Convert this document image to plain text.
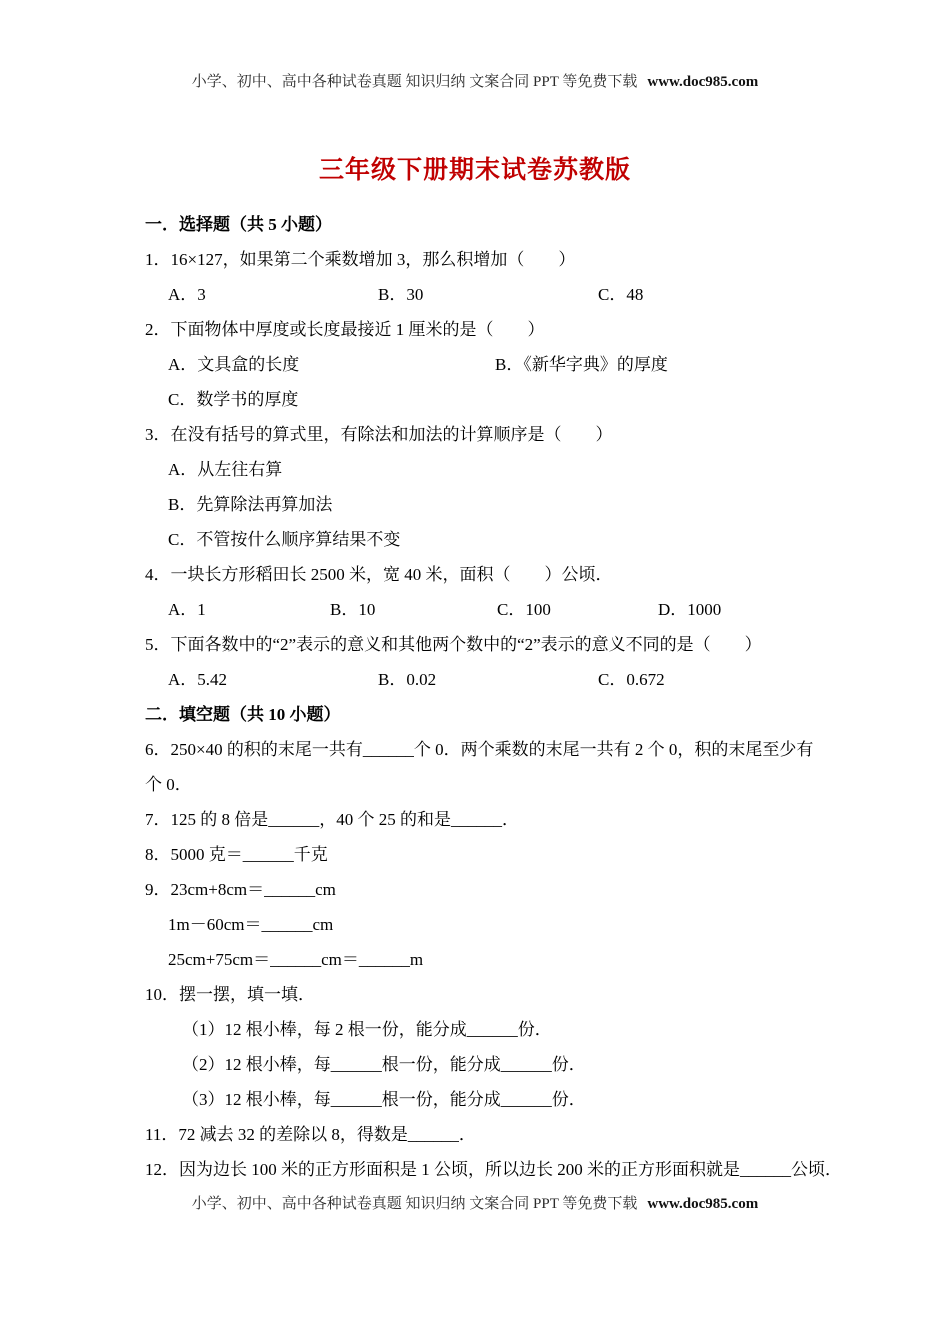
小学、初中、高中各种试卷真题 知识归纳 文案合同 PPT 等免费下载 www.doc985.com
三年级下册期末试卷苏教版
一．选择题（共 5 小题）
1．16×127，如果第二个乘数增加 3，那么积增加（　　）
A．3	B．30	C．48
2．下面物体中厚度或长度最接近 1 厘米的是（　　）
A．文具盒的长度	B．《新华字典》的厚度
C．数学书的厚度
3．在没有括号的算式里，有除法和加法的计算顺序是（　　）
A．从左往右算
B．先算除法再算加法
C．不管按什么顺序算结果不变
4．一块长方形稻田长 2500 米，宽 40 米，面积（　　）公顷．
A．1	B．10	C．100	D．1000
5．下面各数中的“2”表示的意义和其他两个数中的“2”表示的意义不同的是（　　）
A．5.42	B．0.02	C．0.672
二．填空题（共 10 小题）
6．250×40 的积的末尾一共有______个 0．两个乘数的末尾一共有 2 个 0，积的末尾至少有
个 0．
7．125 的 8 倍是______，40 个 25 的和是______．
8．5000 克＝______千克
9．23cm+8cm＝______cm
1m－60cm＝______cm
25cm+75cm＝______cm＝______m
10．摆一摆，填一填．
（1）12 根小棒，每 2 根一份，能分成______份．
（2）12 根小棒，每______根一份，能分成______份．
（3）12 根小棒，每______根一份，能分成______份．
11．72 减去 32 的差除以 8，得数是______．
12．因为边长 100 米的正方形面积是 1 公顷，所以边长 200 米的正方形面积就是______公顷．
小学、初中、高中各种试卷真题 知识归纳 文案合同 PPT 等免费下载 www.doc985.com
